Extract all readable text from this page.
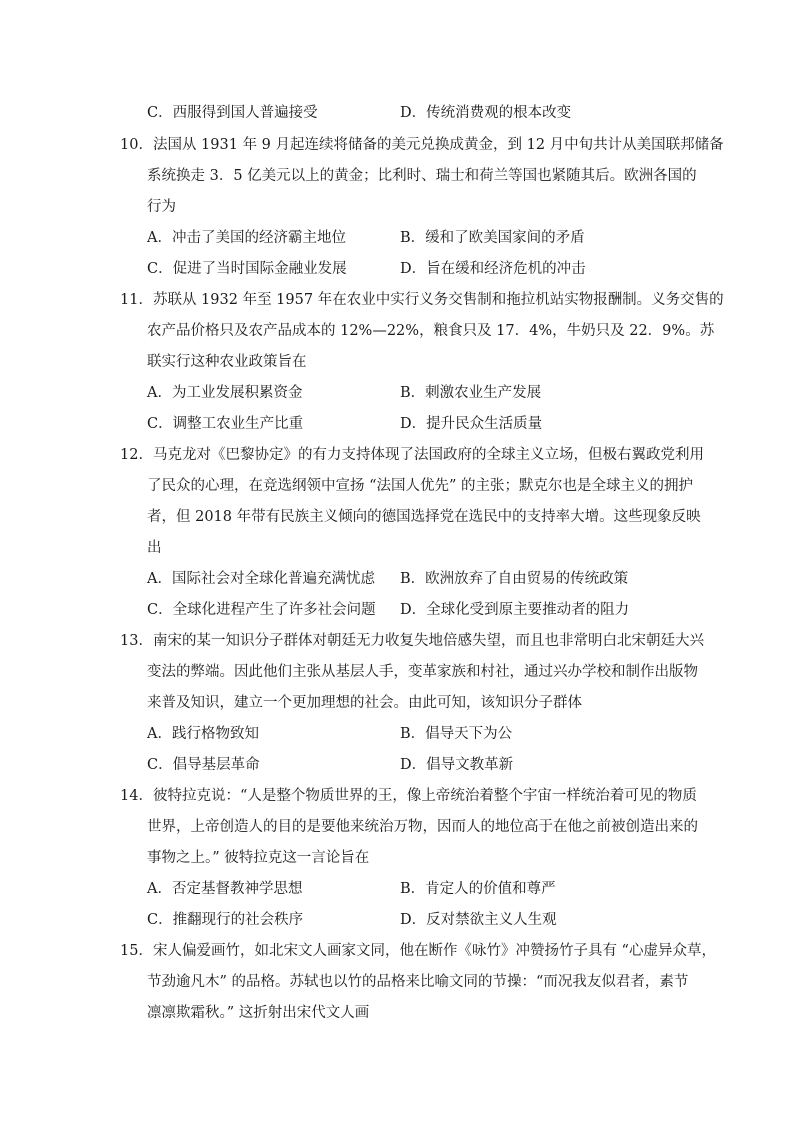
C．西服得到国人普遍接受	D．传统消费观的根本改变
10．法国从 1931 年 9 月起连续将储备的美元兑换成黄金，到 12 月中旬共计从美国联邦储备
系统换走 3．5 亿美元以上的黄金；比利时、瑞士和荷兰等国也紧随其后。欧洲各国的
行为
A．冲击了美国的经济霸主地位	B．缓和了欧美国家间的矛盾
C．促进了当时国际金融业发展	D．旨在缓和经济危机的冲击
11．苏联从 1932 年至 1957 年在农业中实行义务交售制和拖拉机站实物报酬制。义务交售的
农产品价格只及农产品成本的 12%—22%，粮食只及 17．4%，牛奶只及 22．9%。苏
联实行这种农业政策旨在
A．为工业发展积累资金	B．刺激农业生产发展
C．调整工农业生产比重	D．提升民众生活质量
12．马克龙对《巴黎协定》的有力支持体现了法国政府的全球主义立场，但极右翼政党利用
了民众的心理，在竞选纲领中宣扬 “法国人优先” 的主张；默克尔也是全球主义的拥护
者，但 2018 年带有民族主义倾向的德国选择党在选民中的支持率大增。这些现象反映
出
A．国际社会对全球化普遍充满忧虑 B．欧洲放弃了自由贸易的传统政策
C．全球化进程产生了许多社会问题 D．全球化受到原主要推动者的阻力
13．南宋的某一知识分子群体对朝廷无力收复失地倍感失望，而且也非常明白北宋朝廷大兴
变法的弊端。因此他们主张从基层人手，变革家族和村社，通过兴办学校和制作出版物
来普及知识，建立一个更加理想的社会。由此可知，该知识分子群体
A．践行格物致知	B．倡导天下为公
C．倡导基层革命	D．倡导文教革新
14．彼特拉克说：“人是整个物质世界的王，像上帝统治着整个宇宙一样统治着可见的物质
世界，上帝创造人的目的是要他来统治万物，因而人的地位高于在他之前被创造出来的
事物之上。” 彼特拉克这一言论旨在
A．否定基督教神学思想	B．肯定人的价值和尊严
C．推翻现行的社会秩序	D．反对禁欲主义人生观
15．宋人偏爱画竹，如北宋文人画家文同，他在断作《咏竹》冲赞扬竹子具有 “心虚异众草，
节劲逾凡木” 的品格。苏轼也以竹的品格来比喻文同的节操：“而况我友似君者，素节
凛凛欺霜秋。” 这折射出宋代文人画
